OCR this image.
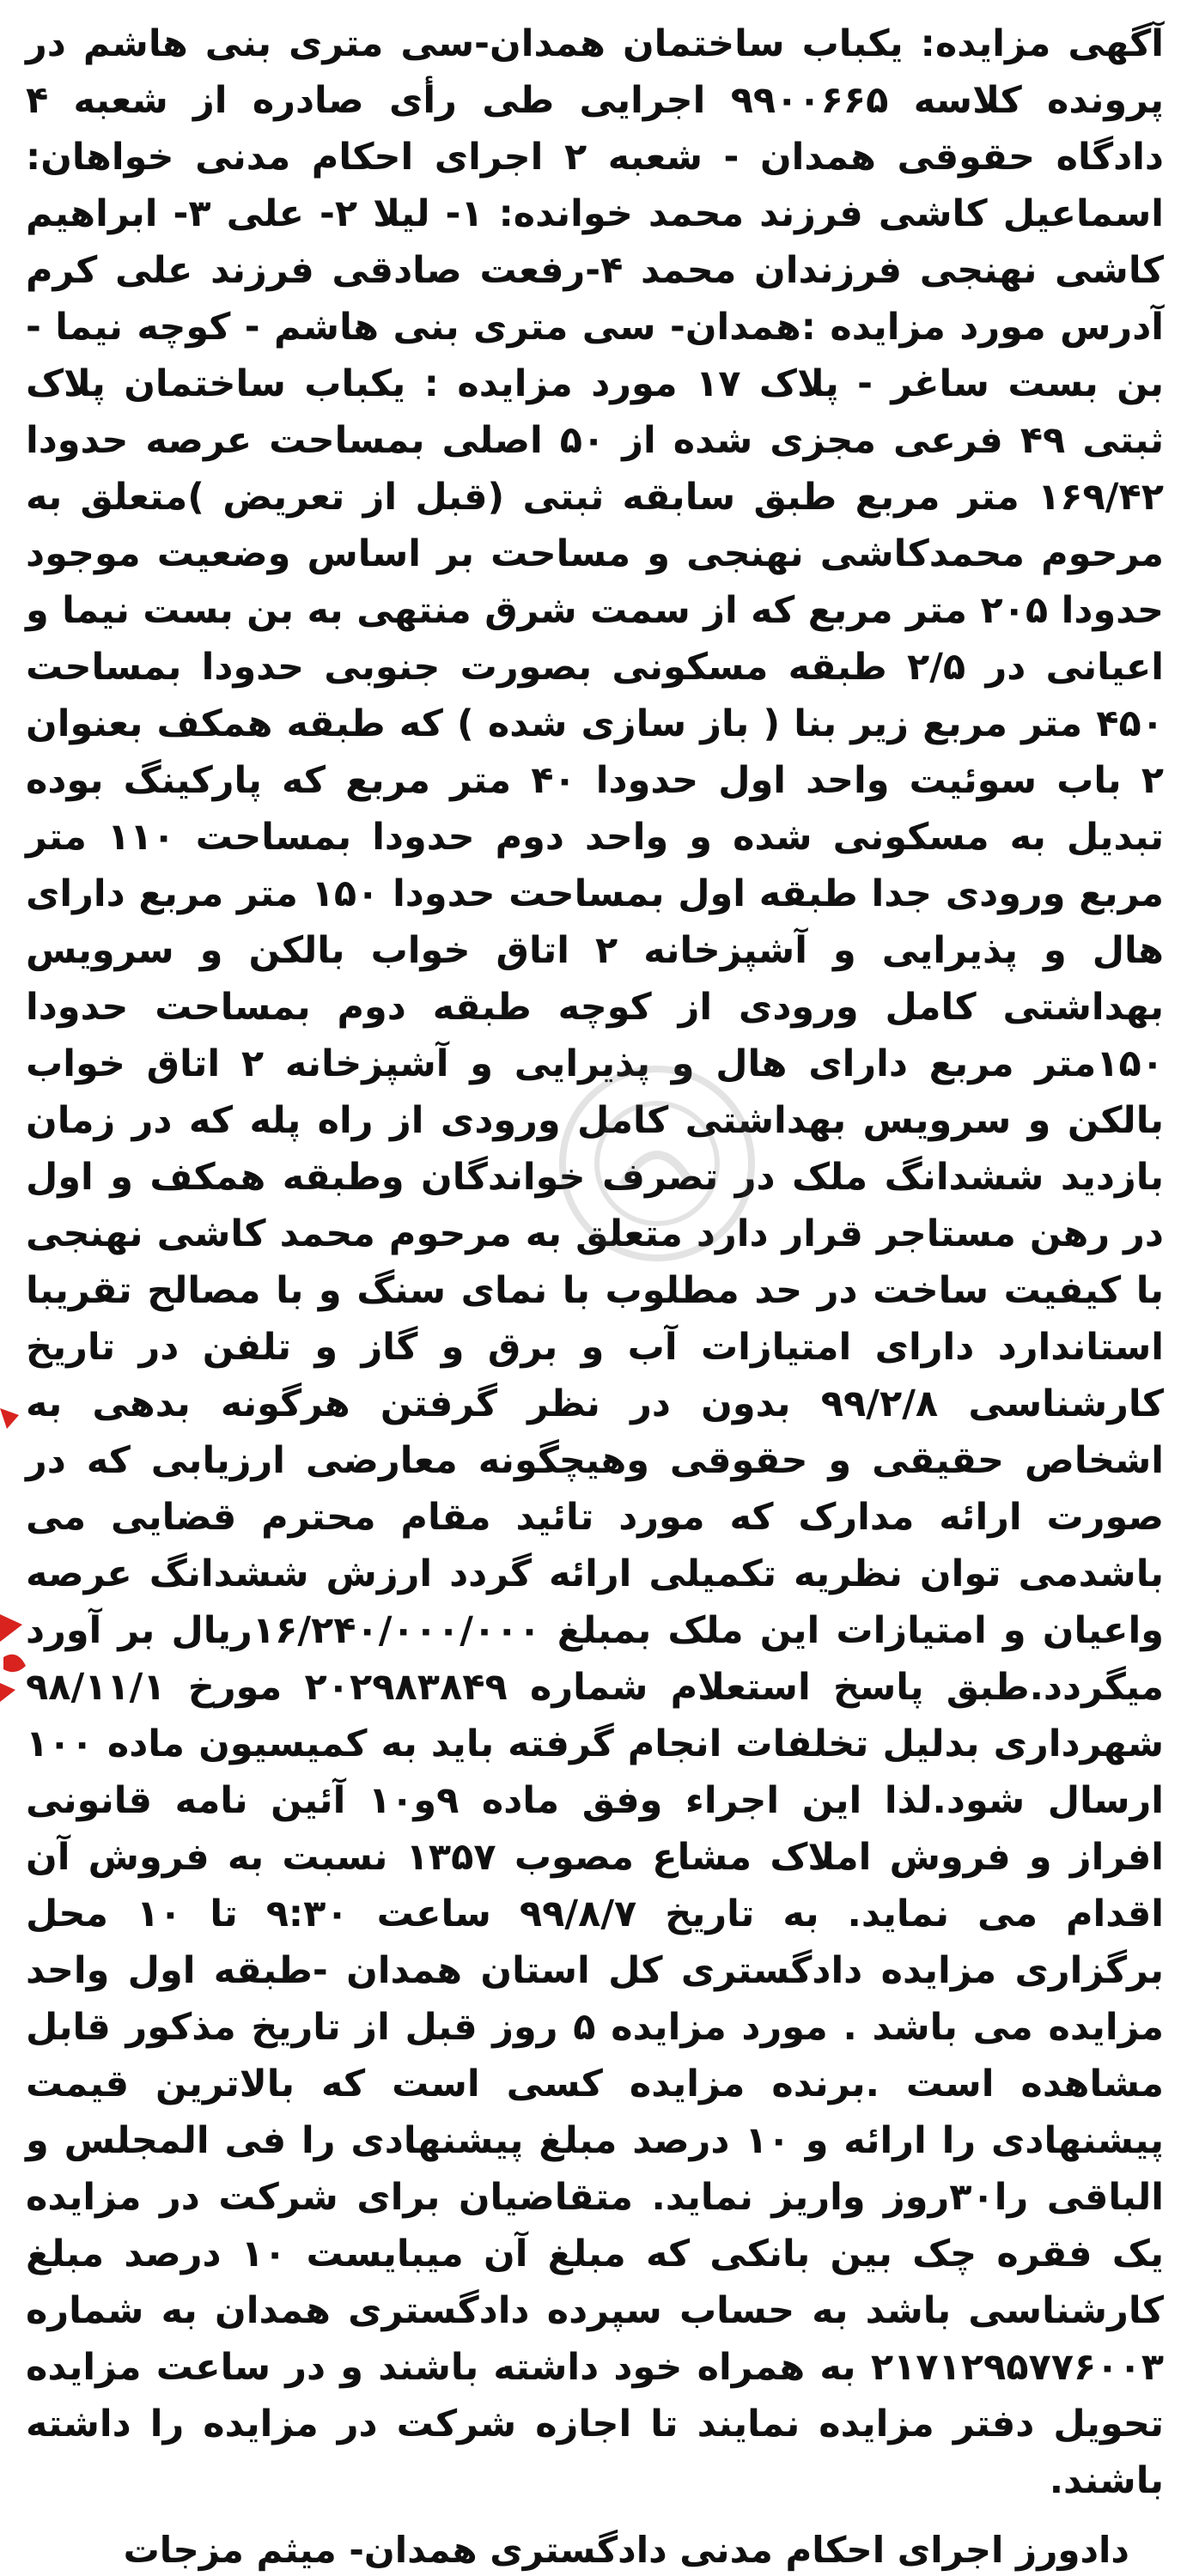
آگهی مزایده: یکباب ساختمان همدان-سی متری بنی هاشم در پرونده کلاسه ۹۹۰۰۶۶۵ اجرایی طی رأی صادره از شعبه ۴ دادگاه حقوقی همدان - شعبه ۲ اجرای احکام مدنی خواهان: اسماعیل کاشی فرزند محمد خوانده: ۱- لیلا ۲- علی ۳- ابراهیم کاشی نهنجی فرزندان محمد ۴-رفعت صادقی فرزند علی کرم آدرس مورد مزایده :همدان- سی متری بنی هاشم - کوچه نیما - بن بست ساغر - پلاک ۱۷ مورد مزایده : یکباب ساختمان پلاک ثبتی ۴۹ فرعی مجزی شده از ۵۰ اصلی بمساحت عرصه حدودا ۱۶۹/۴۲ متر مربع طبق سابقه ثبتی (قبل از تعریض )متعلق به مرحوم محمدکاشی نهنجی و مساحت بر اساس وضعیت موجود حدودا ۲۰۵ متر مربع که از سمت شرق منتهی به بن بست نیما و اعیانی در ۲/۵ طبقه مسکونی بصورت جنوبی حدودا بمساحت ۴۵۰ متر مربع زیر بنا ( باز سازی شده ) که طبقه همکف بعنوان ۲ باب سوئیت واحد اول حدودا ۴۰ متر مربع که پارکینگ بوده تبدیل به مسکونی شده و واحد دوم حدودا بمساحت ۱۱۰ متر مربع ورودی جدا طبقه اول بمساحت حدودا ۱۵۰ متر مربع دارای هال و پذیرایی و آشپزخانه ۲ اتاق خواب بالکن و سرویس بهداشتی کامل ورودی از کوچه طبقه دوم بمساحت حدودا ۱۵۰متر مربع دارای هال و پذیرایی و آشپزخانه ۲ اتاق خواب بالکن و سرویس بهداشتی کامل ورودی از راه پله که در زمان بازدید ششدانگ ملک در تصرف خواندگان وطبقه همکف و اول در رهن مستاجر قرار دارد متعلق به مرحوم محمد کاشی نهنجی با کیفیت ساخت در حد مطلوب با نمای سنگ و با مصالح تقریبا استاندارد دارای امتیازات آب و برق و گاز و تلفن در تاریخ کارشناسی ۹۹/۲/۸ بدون در نظر گرفتن هرگونه بدهی به اشخاص حقیقی و حقوقی وهیچگونه معارضی ارزیابی که در صورت ارائه مدارک که مورد تائید مقام محترم قضایی می باشدمی توان نظریه تکمیلی ارائه گردد ارزش ششدانگ عرصه واعیان و امتیازات این ملک بمبلغ ۱۶/۲۴۰/۰۰۰/۰۰۰ریال بر آورد میگردد.طبق پاسخ استعلام شماره ۲۰۲۹۸۳۸۴۹ مورخ ۹۸/۱۱/۱ شهرداری بدلیل تخلفات انجام گرفته باید به کمیسیون ماده ۱۰۰ ارسال شود.لذا این اجراء وفق ماده ۹و۱۰ آئین نامه قانونی افراز و فروش املاک مشاع مصوب ۱۳۵۷ نسبت به فروش آن اقدام می نماید. به تاریخ ۹۹/۸/۷ ساعت ۹:۳۰ تا ۱۰ محل برگزاری مزایده دادگستری کل استان همدان -طبقه اول واحد مزایده می باشد . مورد مزایده ۵ روز قبل از تاریخ مذکور قابل مشاهده است .برنده مزایده کسی است که بالاترین قیمت پیشنهادی را ارائه و ۱۰ درصد مبلغ پیشنهادی را فی المجلس و الباقی را۳۰روز واریز نماید. متقاضیان برای شرکت در مزایده یک فقره چک بین بانکی که مبلغ آن میبایست ۱۰ درصد مبلغ کارشناسی باشد به حساب سپرده دادگستری همدان به شماره ۲۱۷۱۲۹۵۷۷۶۰۰۳ به همراه خود داشته باشند و در ساعت مزایده تحویل دفتر مزایده نمایند تا اجازه شرکت در مزایده را داشته باشند.

دادورز اجرای احکام مدنی دادگستری همدان- میثم مزجات
